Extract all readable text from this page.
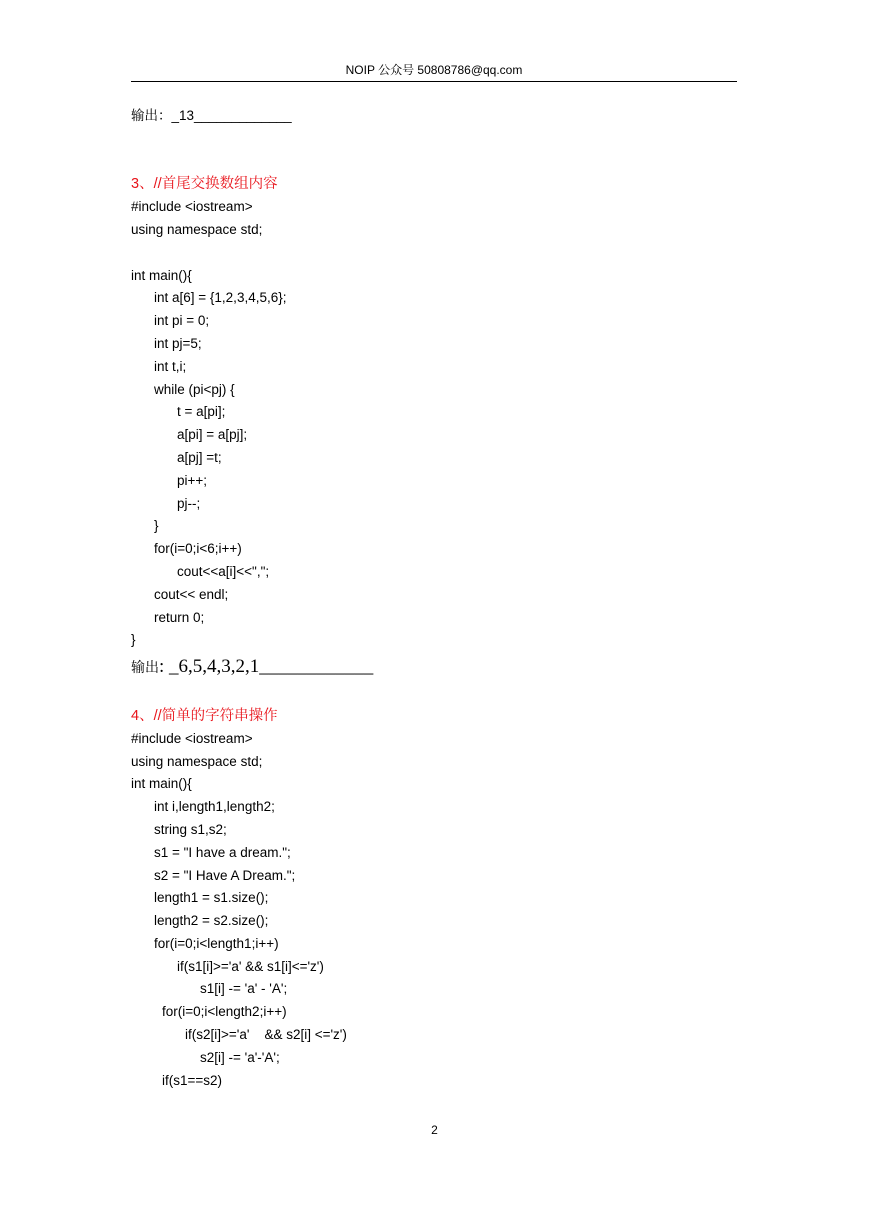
NOIP 公众号 50808786@qq.com
输出：_13_____________
3、//首尾交换数组内容
#include <iostream>
using namespace std;
int main(){
int a[6] = {1,2,3,4,5,6};
int pi = 0;
int pj=5;
int t,i;
while (pi<pj) {
t = a[pi];
a[pi] = a[pj];
a[pj] =t;
pi++;
pj--;
}
for(i=0;i<6;i++)
cout<<a[i]<<",";
cout<< endl;
return 0;
}
输出: _6,5,4,3,2,1____________
4、//简单的字符串操作
#include <iostream>
using namespace std;
int main(){
int i,length1,length2;
string s1,s2;
s1 = "I have a dream.";
s2 = "I Have A Dream.";
length1 = s1.size();
length2 = s2.size();
for(i=0;i<length1;i++)
if(s1[i]>='a' && s1[i]<='z')
s1[i] -= 'a' - 'A';
for(i=0;i<length2;i++)
if(s2[i]>='a'    && s2[i] <='z')
s2[i] -= 'a'-'A';
if(s1==s2)
2
